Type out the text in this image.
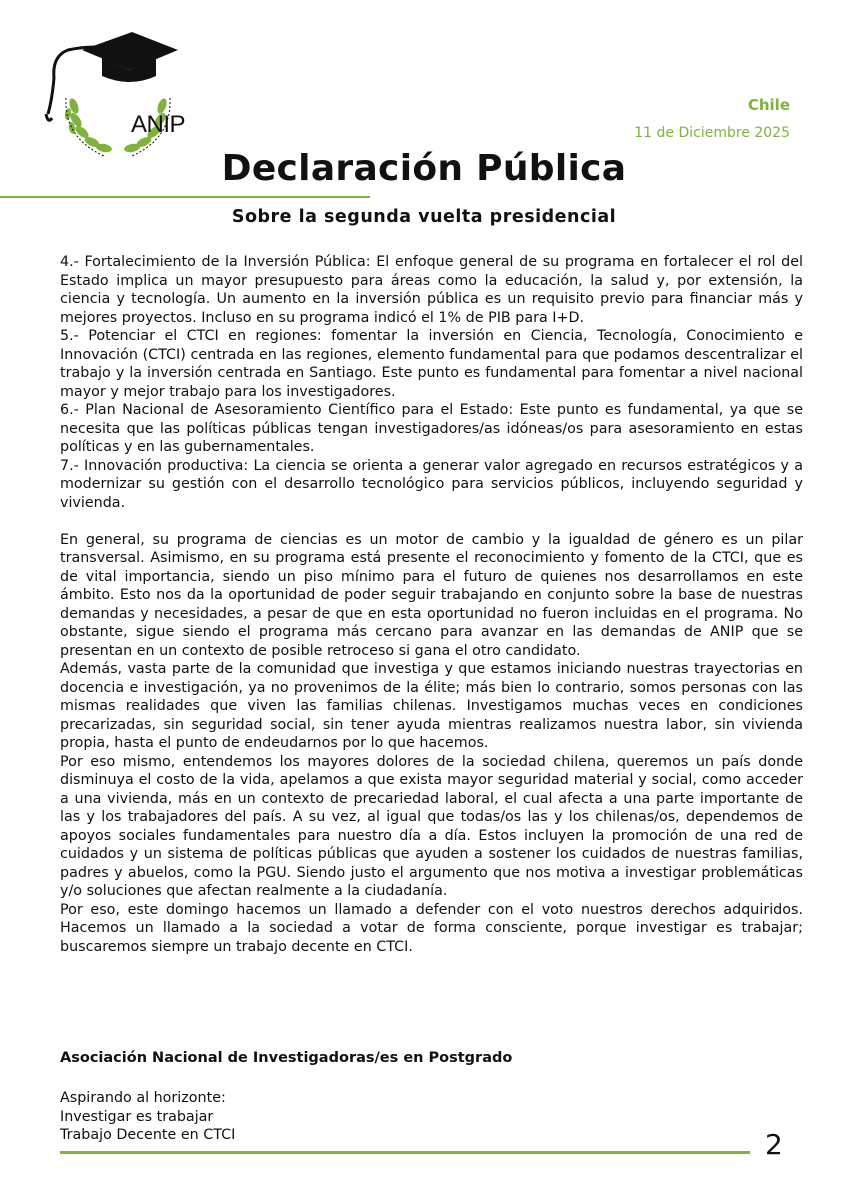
ANIP
Chile
11 de Diciembre 2025
Declaración Pública
Sobre la segunda vuelta presidencial

4.- Fortalecimiento de la Inversión Pública: El enfoque general de su programa en fortalecer el rol del Estado implica un mayor presupuesto para áreas como la educación, la salud y, por extensión, la ciencia y tecnología. Un aumento en la inversión pública es un requisito previo para financiar más y mejores proyectos. Incluso en su programa indicó el 1% de PIB para I+D.

5.- Potenciar el CTCI en regiones: fomentar la inversión en Ciencia, Tecnología, Conocimiento e Innovación (CTCI) centrada en las regiones, elemento fundamental para que podamos descentralizar el trabajo y la inversión centrada en Santiago. Este punto es fundamental para fomentar a nivel nacional mayor y mejor trabajo para los investigadores.

6.- Plan Nacional de Asesoramiento Científico para el Estado: Este punto es fundamental, ya que se necesita que las políticas públicas tengan investigadores/as idóneas/os para asesoramiento en estas políticas y en las gubernamentales.

7.- Innovación productiva: La ciencia se orienta a generar valor agregado en recursos estratégicos y a modernizar su gestión con el desarrollo tecnológico para servicios públicos, incluyendo seguridad y vivienda.

En general, su programa de ciencias es un motor de cambio y la igualdad de género es un pilar transversal. Asimismo, en su programa está presente el reconocimiento y fomento de la CTCI, que es de vital importancia, siendo un piso mínimo para el futuro de quienes nos desarrollamos en este ámbito. Esto nos da la oportunidad de poder seguir trabajando en conjunto sobre la base de nuestras demandas y necesidades, a pesar de que en esta oportunidad no fueron incluidas en el programa. No obstante, sigue siendo el programa más cercano para avanzar en las demandas de ANIP que se presentan en un contexto de posible retroceso si gana el otro candidato.

Además, vasta parte de la comunidad que investiga y que estamos iniciando nuestras trayectorias en docencia e investigación, ya no provenimos de la élite; más bien lo contrario, somos personas con las mismas realidades que viven las familias chilenas. Investigamos muchas veces en condiciones precarizadas, sin seguridad social, sin tener ayuda mientras realizamos nuestra labor, sin vivienda propia, hasta el punto de endeudarnos por lo que hacemos.

Por eso mismo, entendemos los mayores dolores de la sociedad chilena, queremos un país donde disminuya el costo de la vida, apelamos a que exista mayor seguridad material y social, como acceder a una vivienda, más en un contexto de precariedad laboral, el cual afecta a una parte importante de las y los trabajadores del país. A su vez, al igual que todas/os las y los chilenas/os, dependemos de apoyos sociales fundamentales para nuestro día a día. Estos incluyen la promoción de una red de cuidados y un sistema de políticas públicas que ayuden a sostener los cuidados de nuestras familias, padres y abuelos, como la PGU. Siendo justo el argumento que nos motiva a investigar problemáticas y/o soluciones que afectan realmente a la ciudadanía.

Por eso, este domingo hacemos un llamado a defender con el voto nuestros derechos adquiridos. Hacemos un llamado a la sociedad a votar de forma consciente, porque investigar es trabajar; buscaremos siempre un trabajo decente en CTCI.

Asociación Nacional de Investigadoras/es en Postgrado
Aspirando al horizonte:
Investigar es trabajar
Trabajo Decente en CTCI	2
